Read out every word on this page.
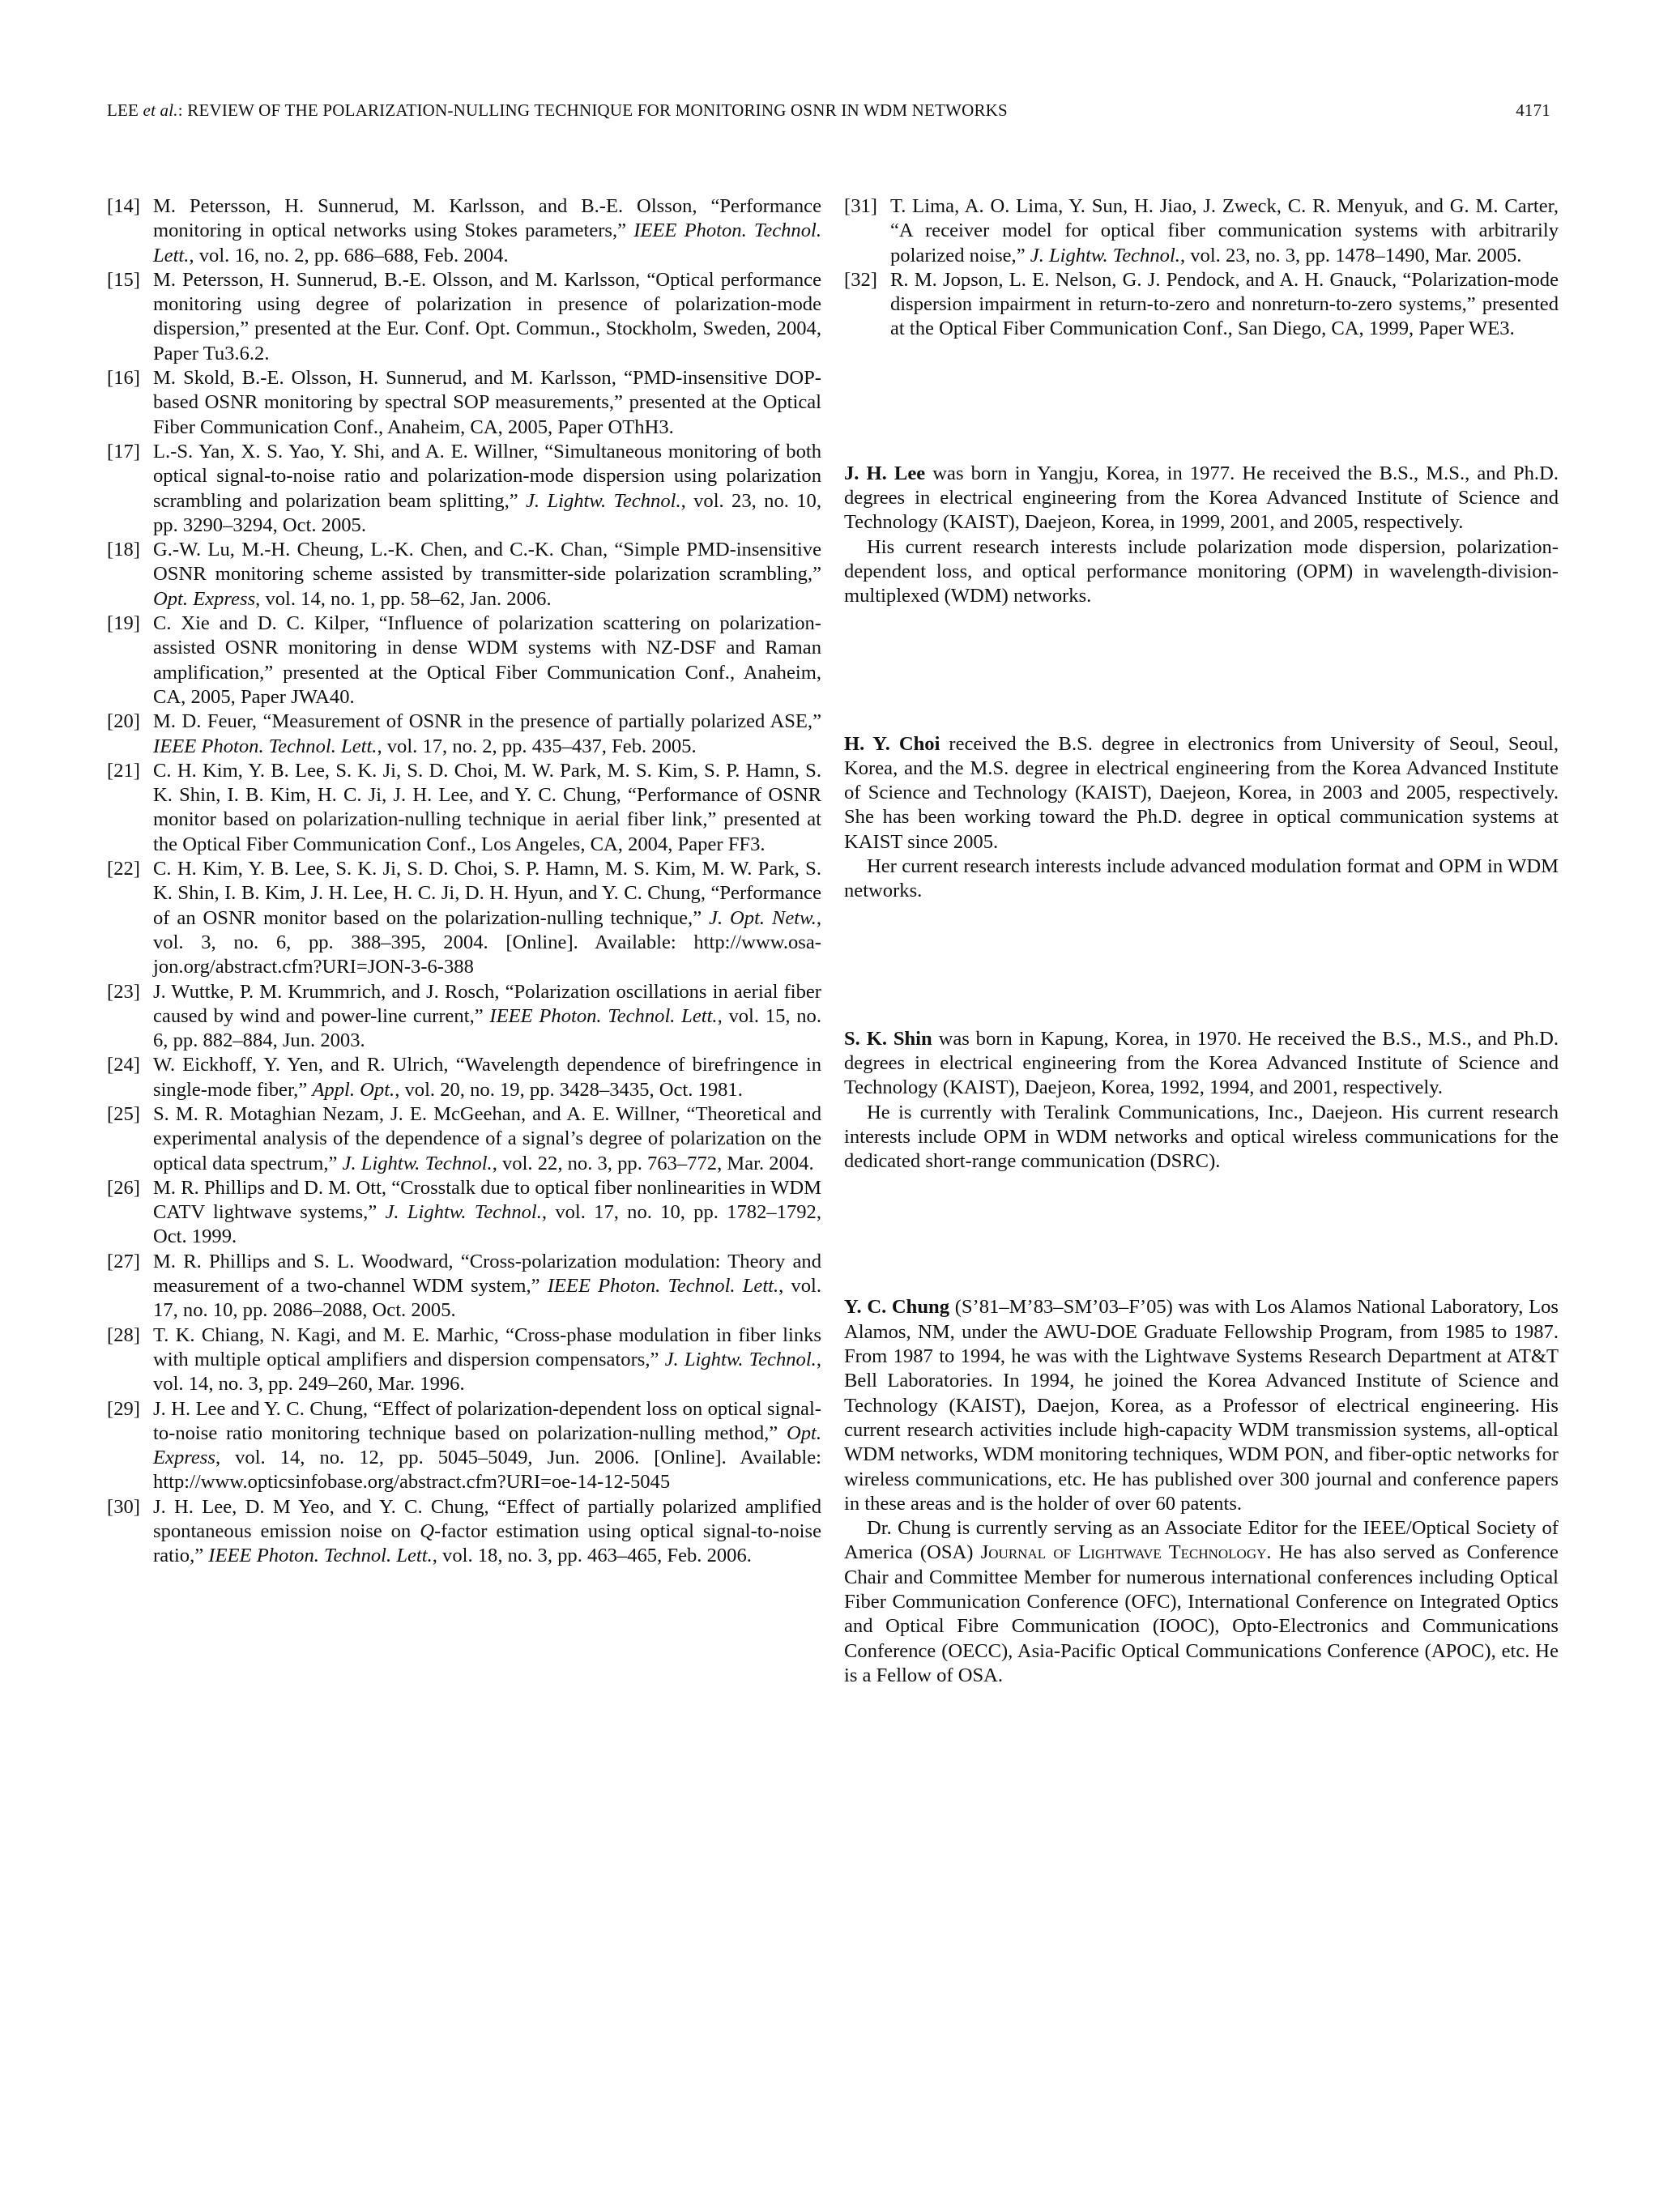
LEE et al.: REVIEW OF THE POLARIZATION-NULLING TECHNIQUE FOR MONITORING OSNR IN WDM NETWORKS	4171
[14] M. Petersson, H. Sunnerud, M. Karlsson, and B.-E. Olsson, “Performance monitoring in optical networks using Stokes parameters,” IEEE Photon. Technol. Lett., vol. 16, no. 2, pp. 686–688, Feb. 2004.
[15] M. Petersson, H. Sunnerud, B.-E. Olsson, and M. Karlsson, “Optical performance monitoring using degree of polarization in presence of polarization-mode dispersion,” presented at the Eur. Conf. Opt. Commun., Stockholm, Sweden, 2004, Paper Tu3.6.2.
[16] M. Skold, B.-E. Olsson, H. Sunnerud, and M. Karlsson, “PMD-insensitive DOP-based OSNR monitoring by spectral SOP measurements,” presented at the Optical Fiber Communication Conf., Anaheim, CA, 2005, Paper OThH3.
[17] L.-S. Yan, X. S. Yao, Y. Shi, and A. E. Willner, “Simultaneous monitoring of both optical signal-to-noise ratio and polarization-mode dispersion using polarization scrambling and polarization beam splitting,” J. Lightw. Technol., vol. 23, no. 10, pp. 3290–3294, Oct. 2005.
[18] G.-W. Lu, M.-H. Cheung, L.-K. Chen, and C.-K. Chan, “Simple PMD-insensitive OSNR monitoring scheme assisted by transmitter-side polarization scrambling,” Opt. Express, vol. 14, no. 1, pp. 58–62, Jan. 2006.
[19] C. Xie and D. C. Kilper, “Influence of polarization scattering on polarization-assisted OSNR monitoring in dense WDM systems with NZ-DSF and Raman amplification,” presented at the Optical Fiber Communication Conf., Anaheim, CA, 2005, Paper JWA40.
[20] M. D. Feuer, “Measurement of OSNR in the presence of partially polarized ASE,” IEEE Photon. Technol. Lett., vol. 17, no. 2, pp. 435–437, Feb. 2005.
[21] C. H. Kim, Y. B. Lee, S. K. Ji, S. D. Choi, M. W. Park, M. S. Kim, S. P. Hamn, S. K. Shin, I. B. Kim, H. C. Ji, J. H. Lee, and Y. C. Chung, “Performance of OSNR monitor based on polarization-nulling technique in aerial fiber link,” presented at the Optical Fiber Communication Conf., Los Angeles, CA, 2004, Paper FF3.
[22] C. H. Kim, Y. B. Lee, S. K. Ji, S. D. Choi, S. P. Hamn, M. S. Kim, M. W. Park, S. K. Shin, I. B. Kim, J. H. Lee, H. C. Ji, D. H. Hyun, and Y. C. Chung, “Performance of an OSNR monitor based on the polarization-nulling technique,” J. Opt. Netw., vol. 3, no. 6, pp. 388–395, 2004. [Online]. Available: http://www.osa-jon.org/abstract.cfm?URI=JON-3-6-388
[23] J. Wuttke, P. M. Krummrich, and J. Rosch, “Polarization oscillations in aerial fiber caused by wind and power-line current,” IEEE Photon. Technol. Lett., vol. 15, no. 6, pp. 882–884, Jun. 2003.
[24] W. Eickhoff, Y. Yen, and R. Ulrich, “Wavelength dependence of birefringence in single-mode fiber,” Appl. Opt., vol. 20, no. 19, pp. 3428–3435, Oct. 1981.
[25] S. M. R. Motaghian Nezam, J. E. McGeehan, and A. E. Willner, “Theoretical and experimental analysis of the dependence of a signal’s degree of polarization on the optical data spectrum,” J. Lightw. Technol., vol. 22, no. 3, pp. 763–772, Mar. 2004.
[26] M. R. Phillips and D. M. Ott, “Crosstalk due to optical fiber nonlinearities in WDM CATV lightwave systems,” J. Lightw. Technol., vol. 17, no. 10, pp. 1782–1792, Oct. 1999.
[27] M. R. Phillips and S. L. Woodward, “Cross-polarization modulation: Theory and measurement of a two-channel WDM system,” IEEE Photon. Technol. Lett., vol. 17, no. 10, pp. 2086–2088, Oct. 2005.
[28] T. K. Chiang, N. Kagi, and M. E. Marhic, “Cross-phase modulation in fiber links with multiple optical amplifiers and dispersion compensators,” J. Lightw. Technol., vol. 14, no. 3, pp. 249–260, Mar. 1996.
[29] J. H. Lee and Y. C. Chung, “Effect of polarization-dependent loss on optical signal-to-noise ratio monitoring technique based on polarization-nulling method,” Opt. Express, vol. 14, no. 12, pp. 5045–5049, Jun. 2006. [Online]. Available: http://www.opticsinfobase.org/abstract.cfm?URI=oe-14-12-5045
[30] J. H. Lee, D. M Yeo, and Y. C. Chung, “Effect of partially polarized amplified spontaneous emission noise on Q-factor estimation using optical signal-to-noise ratio,” IEEE Photon. Technol. Lett., vol. 18, no. 3, pp. 463–465, Feb. 2006.
[31] T. Lima, A. O. Lima, Y. Sun, H. Jiao, J. Zweck, C. R. Menyuk, and G. M. Carter, “A receiver model for optical fiber communication systems with arbitrarily polarized noise,” J. Lightw. Technol., vol. 23, no. 3, pp. 1478–1490, Mar. 2005.
[32] R. M. Jopson, L. E. Nelson, G. J. Pendock, and A. H. Gnauck, “Polarization-mode dispersion impairment in return-to-zero and nonreturn-to-zero systems,” presented at the Optical Fiber Communication Conf., San Diego, CA, 1999, Paper WE3.

J. H. Lee was born in Yangju, Korea, in 1977. He received the B.S., M.S., and Ph.D. degrees in electrical engineering from the Korea Advanced Institute of Science and Technology (KAIST), Daejeon, Korea, in 1999, 2001, and 2005, respectively.

His current research interests include polarization mode dispersion, polarization-dependent loss, and optical performance monitoring (OPM) in wavelength-division-multiplexed (WDM) networks.

H. Y. Choi received the B.S. degree in electronics from University of Seoul, Seoul, Korea, and the M.S. degree in electrical engineering from the Korea Advanced Institute of Science and Technology (KAIST), Daejeon, Korea, in 2003 and 2005, respectively. She has been working toward the Ph.D. degree in optical communication systems at KAIST since 2005.

Her current research interests include advanced modulation format and OPM in WDM networks.

S. K. Shin was born in Kapung, Korea, in 1970. He received the B.S., M.S., and Ph.D. degrees in electrical engineering from the Korea Advanced Institute of Science and Technology (KAIST), Daejeon, Korea, 1992, 1994, and 2001, respectively.

He is currently with Teralink Communications, Inc., Daejeon. His current research interests include OPM in WDM networks and optical wireless communications for the dedicated short-range communication (DSRC).

Y. C. Chung (S’81–M’83–SM’03–F’05) was with Los Alamos National Laboratory, Los Alamos, NM, under the AWU-DOE Graduate Fellowship Program, from 1985 to 1987. From 1987 to 1994, he was with the Lightwave Systems Research Department at AT&T Bell Laboratories. In 1994, he joined the Korea Advanced Institute of Science and Technology (KAIST), Daejon, Korea, as a Professor of electrical engineering. His current research activities include high-capacity WDM transmission systems, all-optical WDM networks, WDM monitoring techniques, WDM PON, and fiber-optic networks for wireless communications, etc. He has published over 300 journal and conference papers in these areas and is the holder of over 60 patents.

Dr. Chung is currently serving as an Associate Editor for the IEEE/Optical Society of America (OSA) Journal of Lightwave Technology. He has also served as Conference Chair and Committee Member for numerous international conferences including Optical Fiber Communication Conference (OFC), International Conference on Integrated Optics and Optical Fibre Communication (IOOC), Opto-Electronics and Communications Conference (OECC), Asia-Pacific Optical Communications Conference (APOC), etc. He is a Fellow of OSA.
